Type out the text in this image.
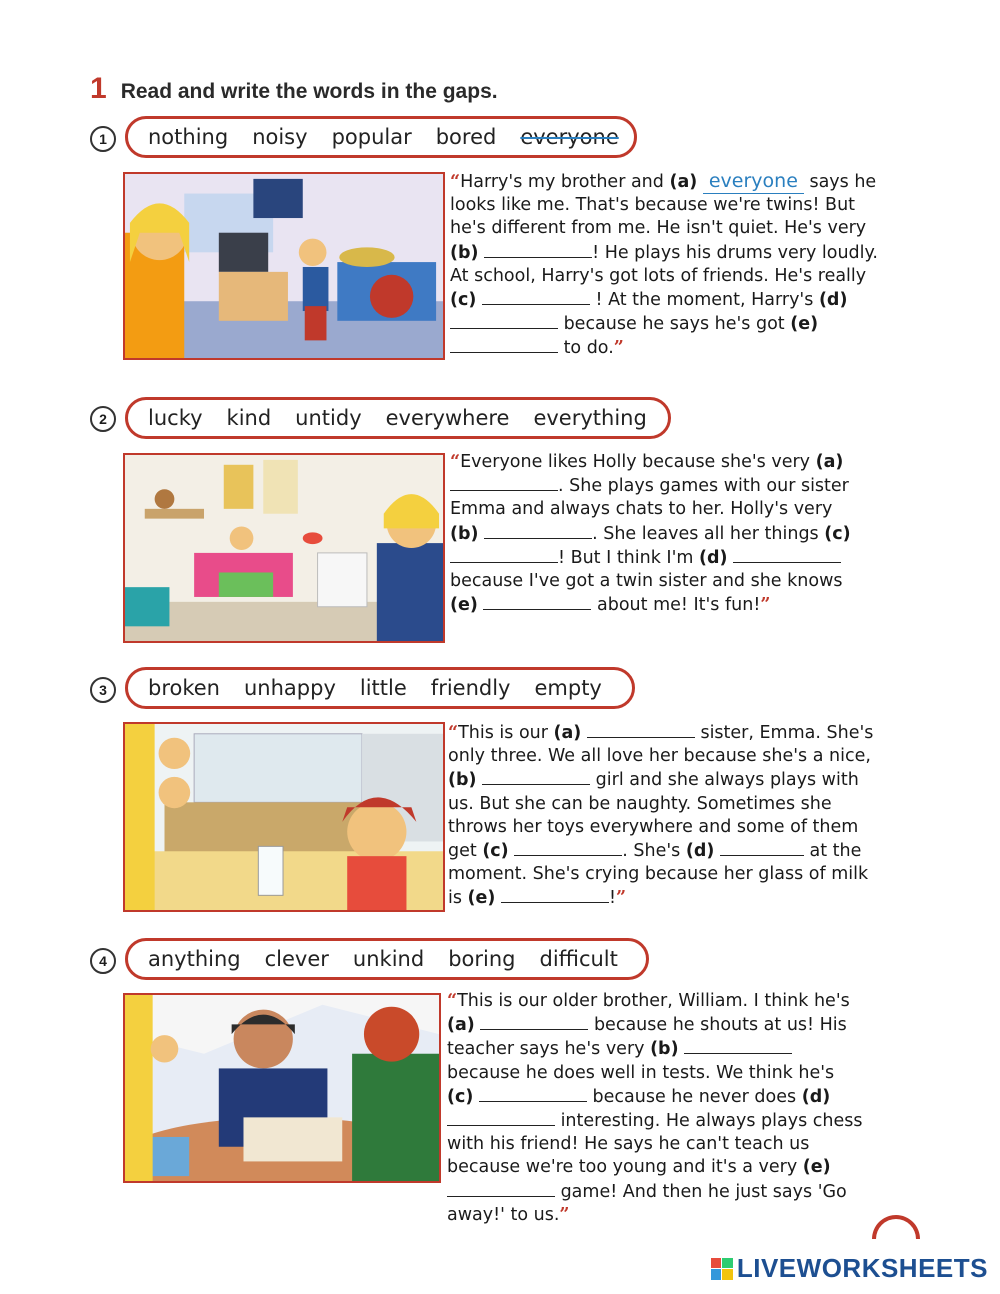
1 Read and write the words in the gaps.
1	nothing noisy popular bored everyone
“Harry's my brother and (a) everyone says he looks like me. That's because we're twins! But he's different from me. He isn't quiet. He's very (b)	! He plays his drums very loudly. At school, Harry's got lots of friends. He's really (c)	! At the moment, Harry's (d)  because he says he's got (e)  to do.”
2	lucky kind untidy everywhere everything
“Everyone likes Holly because she's very (a) . She plays games with our sister Emma and always chats to her. Holly's very (b)	. She leaves all her things (c) ! But I think I'm (d)	because I've got a twin sister and she knows (e)	about me! It's fun!”
3	broken unhappy little friendly empty
“This is our (a)	sister, Emma. She's only three. We all love her because she's a nice, (b)	girl and she always plays with us. But she can be naughty. Sometimes she throws her toys everywhere and some of them get (c)	. She's (d)	at the moment. She's crying because her glass of milk is (e)	!”
4	anything clever unkind boring difficult
“This is our older brother, William. I think he's (a)	because he shouts at us! His teacher says he's very (b)	because he does well in tests. We think he's (c)	because he never does (d)  interesting. He always plays chess with his friend! He says he can't teach us because we're too young and it's a very (e)  game! And then he just says 'Go away!' to us.”
LIVEWORKSHEETS
